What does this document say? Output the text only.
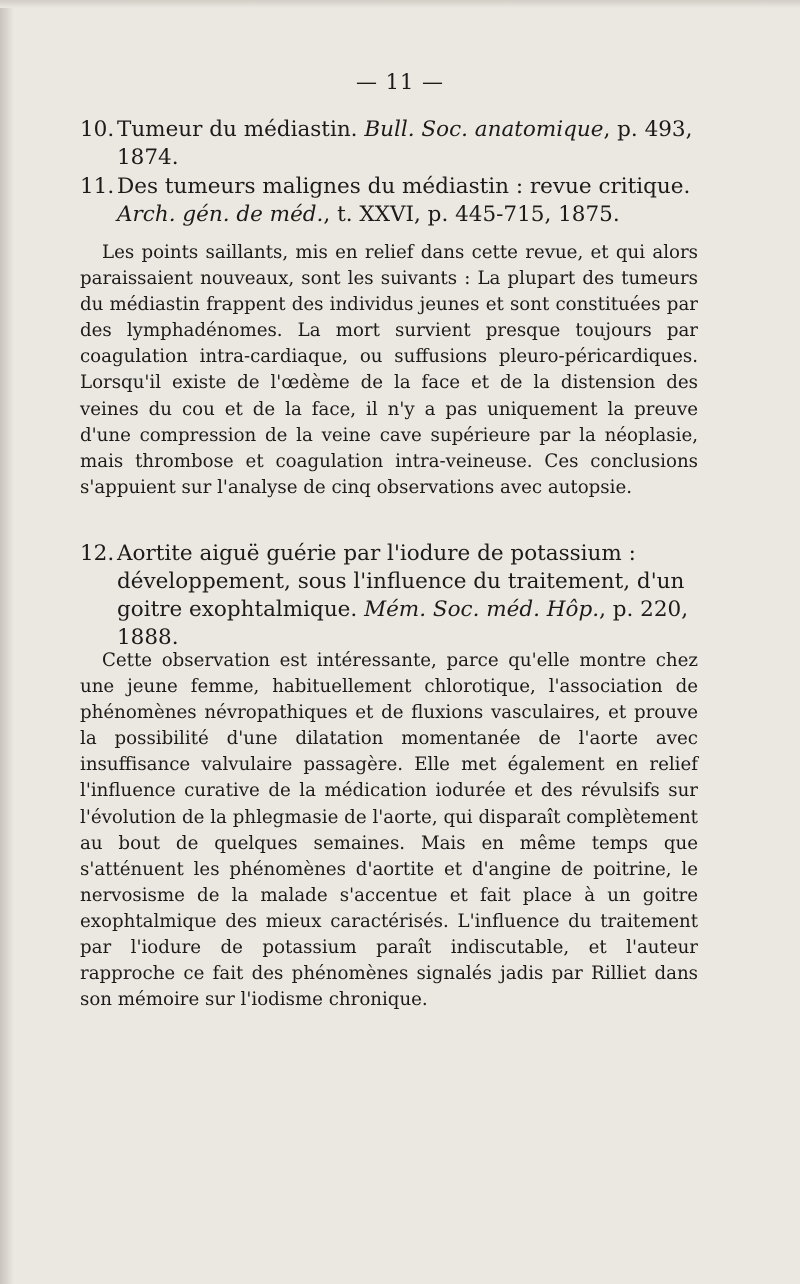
— 11 —
10. Tumeur du médiastin. Bull. Soc. anatomique, p. 493, 1874.
11. Des tumeurs malignes du médiastin : revue critique. Arch. gén. de méd., t. XXVI, p. 445-715, 1875.

Les points saillants, mis en relief dans cette revue, et qui alors paraissaient nouveaux, sont les suivants : La plupart des tumeurs du médiastin frappent des individus jeunes et sont constituées par des lymphadénomes. La mort survient presque toujours par coagulation intra-cardiaque, ou suffusions pleuro-péricardiques. Lorsqu'il existe de l'œdème de la face et de la distension des veines du cou et de la face, il n'y a pas uniquement la preuve d'une compression de la veine cave supérieure par la néoplasie, mais thrombose et coagulation intra-veineuse. Ces conclusions s'appuient sur l'analyse de cinq observations avec autopsie.

12. Aortite aiguë guérie par l'iodure de potassium : développement, sous l'influence du traitement, d'un goitre exophtalmique. Mém. Soc. méd. Hôp., p. 220, 1888.

Cette observation est intéressante, parce qu'elle montre chez une jeune femme, habituellement chlorotique, l'association de phénomènes névropathiques et de fluxions vasculaires, et prouve la possibilité d'une dilatation momentanée de l'aorte avec insuffisance valvulaire passagère. Elle met également en relief l'influence curative de la médication iodurée et des révulsifs sur l'évolution de la phlegmasie de l'aorte, qui disparaît complètement au bout de quelques semaines. Mais en même temps que s'atténuent les phénomènes d'aortite et d'angine de poitrine, le nervosisme de la malade s'accentue et fait place à un goitre exophtalmique des mieux caractérisés. L'influence du traitement par l'iodure de potassium paraît indiscutable, et l'auteur rapproche ce fait des phénomènes signalés jadis par Rilliet dans son mémoire sur l'iodisme chronique.
